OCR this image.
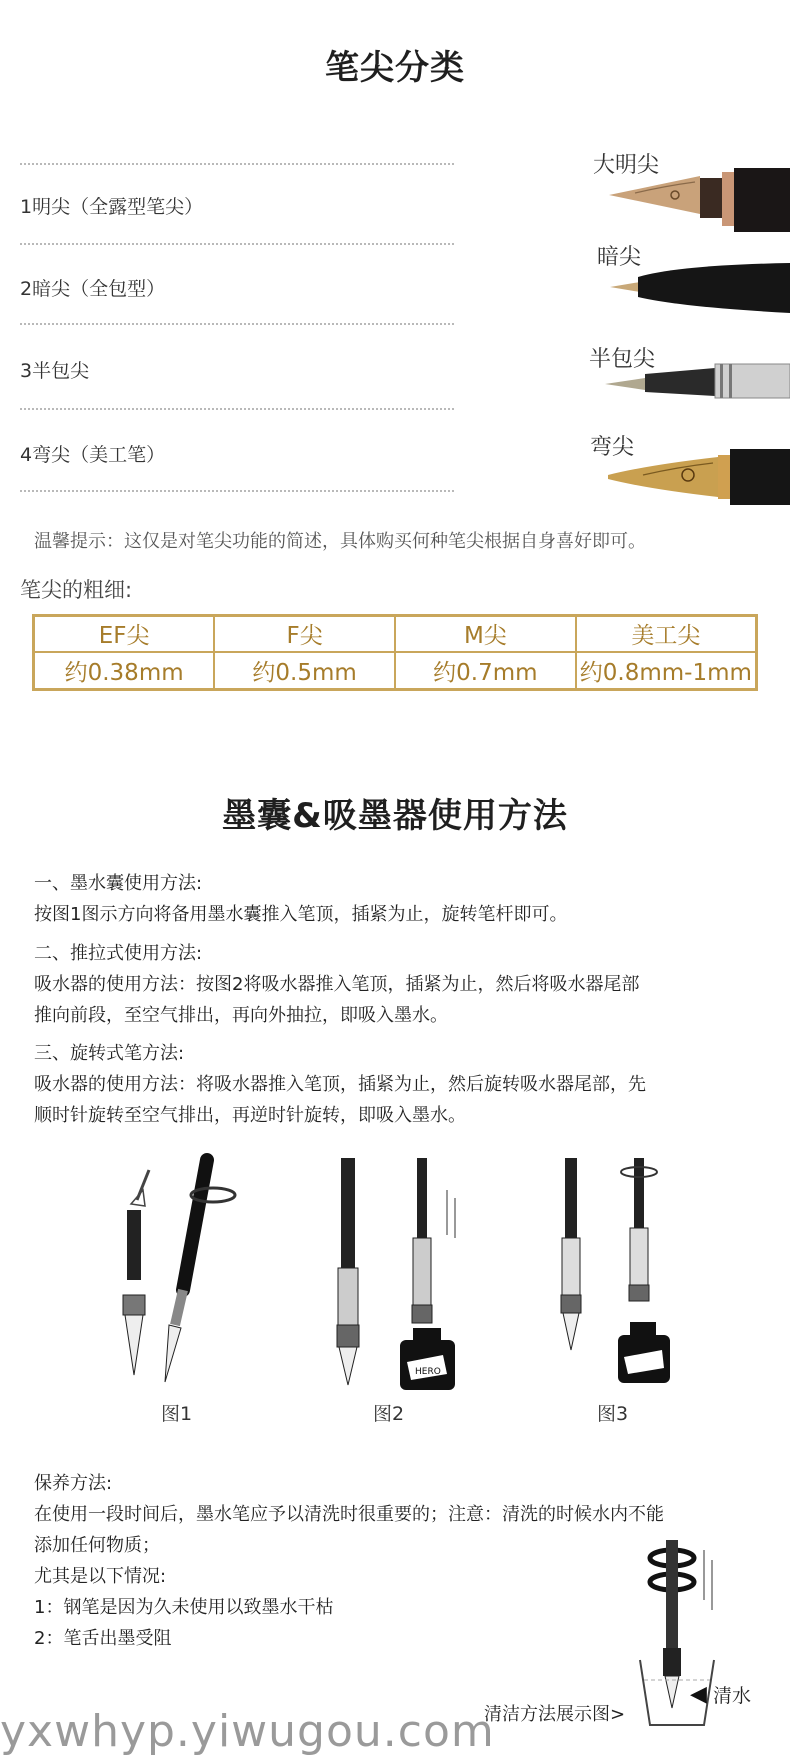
笔尖分类
1明尖（全露型笔尖）
2暗尖（全包型）
3半包尖
4弯尖（美工笔）
大明尖
暗尖
半包尖
弯尖
温馨提示：这仅是对笔尖功能的简述，具体购买何种笔尖根据自身喜好即可。
笔尖的粗细:
EF尖	F尖	M尖	美工尖
约0.38mm	约0.5mm	约0.7mm	约0.8mm-1mm
墨囊&吸墨器使用方法
一、墨水囊使用方法:
按图1图示方向将备用墨水囊推入笔顶，插紧为止，旋转笔杆即可。
二、推拉式使用方法:
吸水器的使用方法：按图2将吸水器推入笔顶，插紧为止，然后将吸水器尾部
推向前段，至空气排出，再向外抽拉，即吸入墨水。
三、旋转式笔方法:
吸水器的使用方法：将吸水器推入笔顶，插紧为止，然后旋转吸水器尾部，先
顺时针旋转至空气排出，再逆时针旋转，即吸入墨水。
图1
HERO
图2	图3
保养方法:
在使用一段时间后，墨水笔应予以清洗时很重要的；注意：清洗的时候水内不能
添加任何物质；
尤其是以下情况:
1：钢笔是因为久未使用以致墨水干枯
2：笔舌出墨受阻
◀ 清水
清洁方法展示图>
yxwhyp.yiwugou.com
